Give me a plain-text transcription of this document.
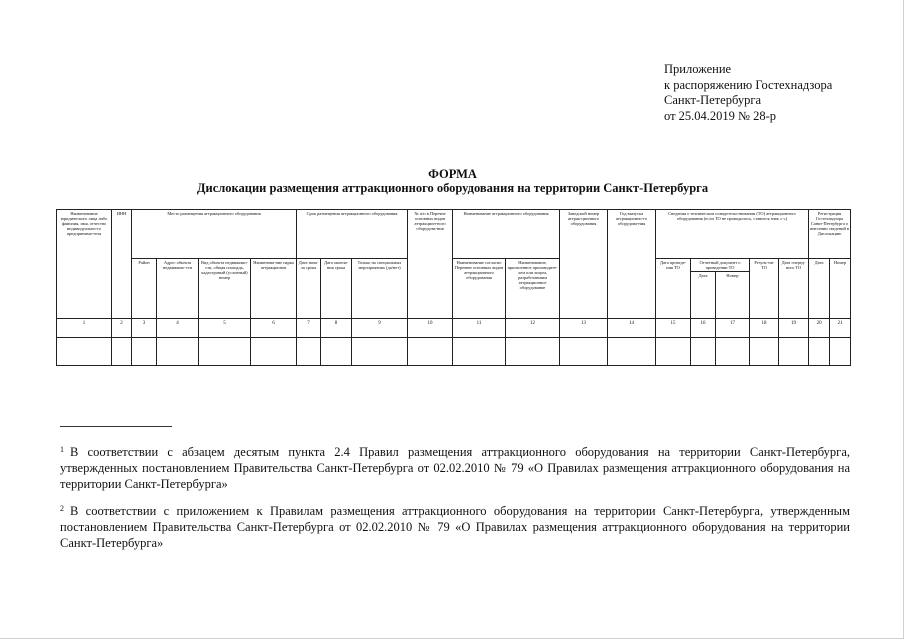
Приложение
к распоряжению Гостехнадзора
Санкт-Петербурга
от 25.04.2019 № 28-р
ФОРМА
Дислокации размещения аттракционного оборудования на территории Санкт-Петербурга
Наименование юридического лица либо фамилия, имя, отчество индивидуально-го предпринима-теля	ИНН	Место размещения аттракционного оборудования				Срок размещения аттракционного оборудования			№ п/п в Перечне основных видов аттракцион-ного оборудова-ния	Наименование аттракционного оборудования		Заводской номер аттрак-ционного оборудования	Год выпуска аттракционно-го оборудова-ния	Сведения о техническом освидетельствовании (ТО) аттракционного оборудования (если ТО не проводилось, ставится знак «-»)					Регистрация Гостехнадзора Санкт-Петербурга о внесении сведений в Дислокацию	
		Район	Адрес объекта недвижимо-сти	Вид объекта недвижимо-сти, общая площадь, кадастровый (условный) номер	Наименова-ние парка аттракционов	Дата нача-ла срока	Дата оконча-ния срока	Только на специальных мероприятиях (да/нет)		Наименование согласно Перечню основных видов аттракционного оборудования	Наименование, присвоенное производите-лем или лицом, разработавшим аттракционное оборудование			Дата проведе-ния ТО	Отчетный документ о проведении ТО		Резуль-тат ТО	Дата очеред-ного ТО	Дата	Номер
															Дата	Номер				
1	2	3	4	5	6	7	8	9	10	11	12	13	14	15	16	17	18	19	20	21

$^1$ В соответствии с абзацем десятым пункта 2.4 Правил размещения аттракционного оборудования на территории Санкт-Петербурга, утвержденных постановлением Правительства Санкт-Петербурга от 02.02.2010 № 79 «О Правилах размещения аттракционного оборудования на территории Санкт-Петербурга»
$^2$ В соответствии с приложением к Правилам размещения аттракционного оборудования на территории Санкт-Петербурга, утвержденным постановлением Правительства Санкт-Петербурга от 02.02.2010 № 79 «О Правилах размещения аттракционного оборудования на территории Санкт-Петербурга»
